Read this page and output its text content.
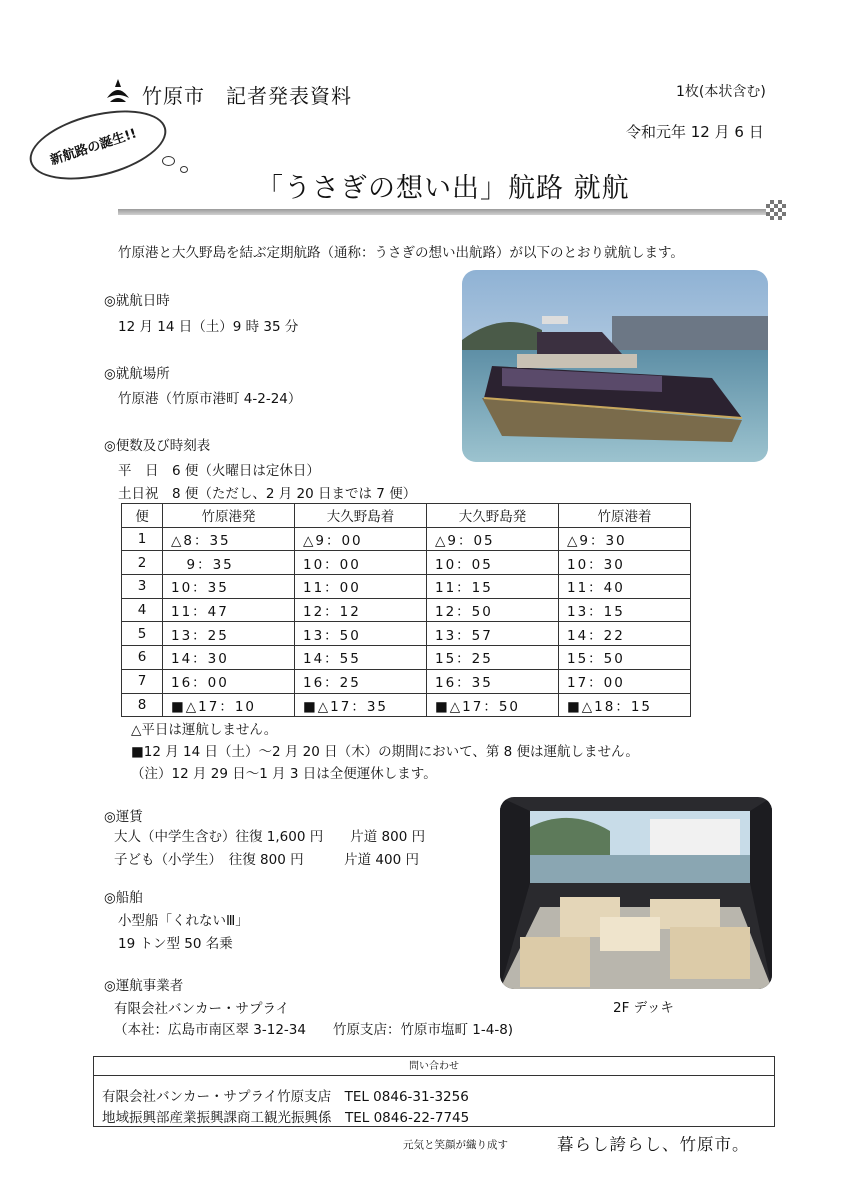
竹原市　記者発表資料	1枚(本状含む)
令和元年 12 月 6 日
新航路の誕生!!
「うさぎの想い出」航路 就航
竹原港と大久野島を結ぶ定期航路（通称：うさぎの想い出航路）が以下のとおり就航します。
◎就航日時
12 月 14 日（土）9 時 35 分
◎就航場所
竹原港（竹原市港町 4-2-24）
◎便数及び時刻表
平　日　6 便（火曜日は定休日）
土日祝　8 便（ただし、2 月 20 日までは 7 便）
便	竹原港発	大久野島着	大久野島発	竹原港着
1	△8：35	△9：00	△9：05	△9：30
2	　9：35	10：00	10：05	10：30
3	10：35	11：00	11：15	11：40
4	11：47	12：12	12：50	13：15
5	13：25	13：50	13：57	14：22
6	14：30	14：55	15：25	15：50
7	16：00	16：25	16：35	17：00
8	■△17：10	■△17：35	■△17：50	■△18：15
△平日は運航しません。
■12 月 14 日（土）～2 月 20 日（木）の期間において、第 8 便は運航しません。
（注）12 月 29 日～1 月 3 日は全便運休します。
◎運賃
大人（中学生含む）往復 1,600 円　　片道 800 円
子ども（小学生）　往復 800 円　　　片道 400 円
2F デッキ
◎船舶
小型船「くれないⅢ」
19 トン型 50 名乗
◎運航事業者
有限会社バンカー・サプライ
（本社：広島市南区翠 3-12-34　　竹原支店：竹原市塩町 1-4-8)
問い合わせ
有限会社バンカー・サプライ竹原支店　TEL 0846-31-3256
地域振興部産業振興課商工観光振興係　TEL 0846-22-7745
元気と笑顔が織り成す	暮らし誇らし、竹原市。
